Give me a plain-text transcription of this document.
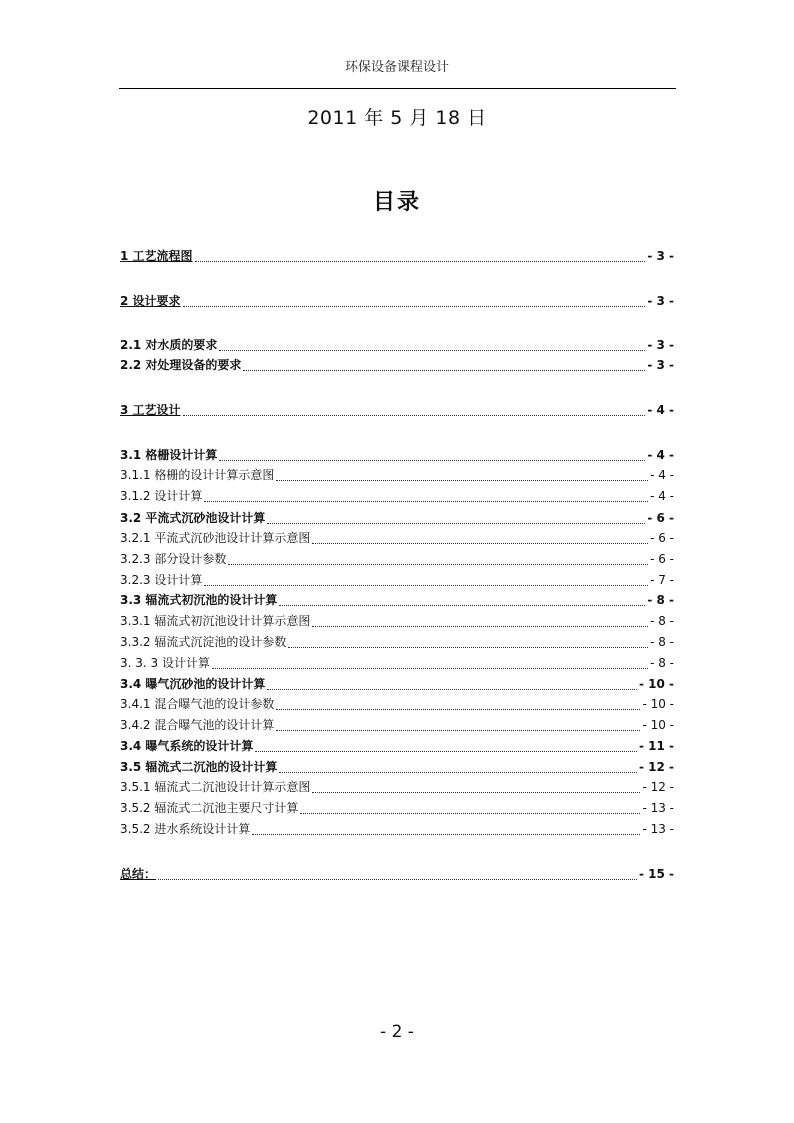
环保设备课程设计
2011 年 5 月 18 日
目录
1 工艺流程图	- 3 -
2 设计要求	- 3 -
2.1 对水质的要求	- 3 -
2.2 对处理设备的要求	- 3 -
3 工艺设计	- 4 -
3.1 格栅设计计算	- 4 -
3.1.1 格栅的设计计算示意图	- 4 -
3.1.2 设计计算	- 4 -
3.2 平流式沉砂池设计计算	- 6 -
3.2.1 平流式沉砂池设计计算示意图	- 6 -
3.2.3 部分设计参数	- 6 -
3.2.3 设计计算	- 7 -
3.3 辐流式初沉池的设计计算	- 8 -
3.3.1 辐流式初沉池设计计算示意图	- 8 -
3.3.2 辐流式沉淀池的设计参数	- 8 -
3. 3. 3 设计计算	- 8 -
3.4 曝气沉砂池的设计计算	- 10 -
3.4.1 混合曝气池的设计参数	- 10 -
3.4.2 混合曝气池的设计计算	- 10 -
3.4 曝气系统的设计计算	- 11 -
3.5 辐流式二沉池的设计计算	- 12 -
3.5.1 辐流式二沉池设计计算示意图	- 12 -
3.5.2 辐流式二沉池主要尺寸计算	- 13 -
3.5.2 进水系统设计计算	- 13 -
总结：	- 15 -
- 2 -
